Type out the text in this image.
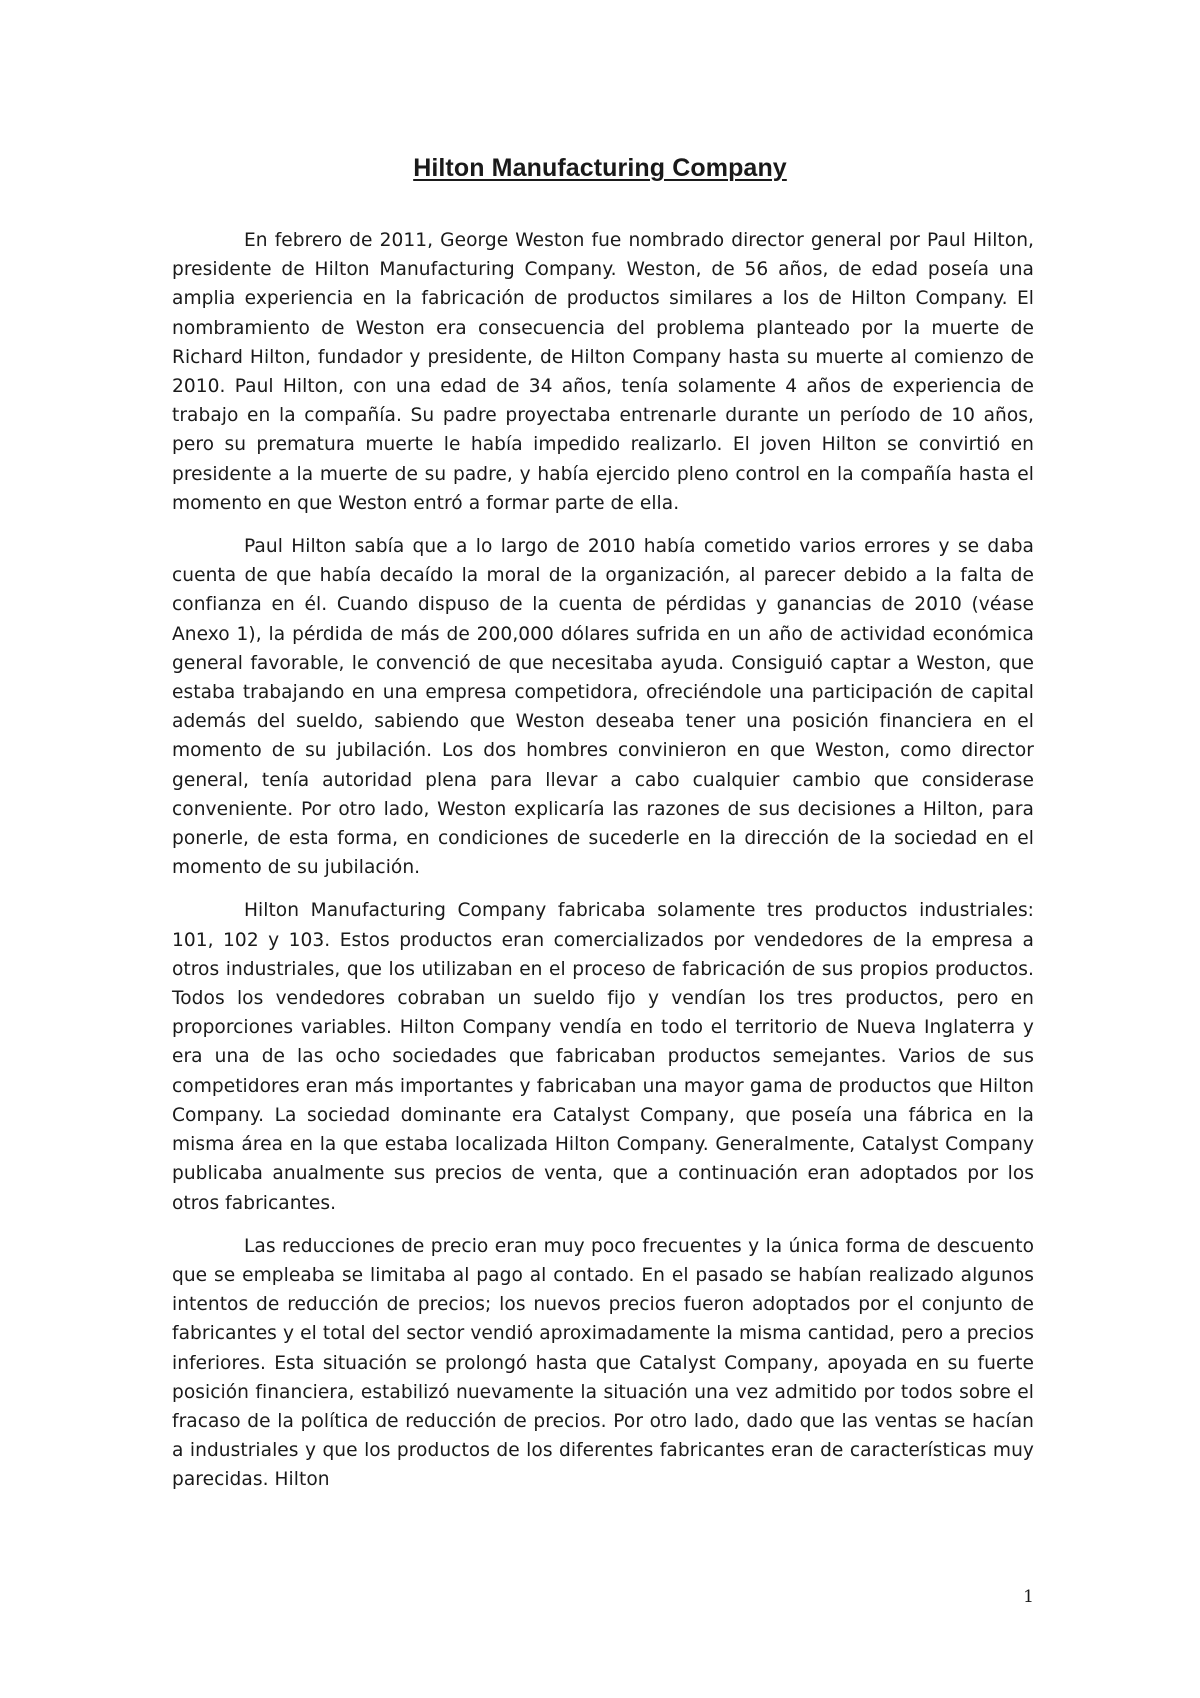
Hilton Manufacturing Company

En febrero de 2011, George Weston fue nombrado director general por Paul Hilton, presidente de Hilton Manufacturing Company. Weston, de 56 años, de edad poseía una amplia experiencia en la fabricación de productos similares a los de Hilton Company. El nombramiento de Weston era consecuencia del problema planteado por la muerte de Richard Hilton, fundador y presidente, de Hilton Company hasta su muerte al comienzo de 2010. Paul Hilton, con una edad de 34 años, tenía solamente 4 años de experiencia de trabajo en la compañía. Su padre proyectaba entrenarle durante un período de 10 años, pero su prematura muerte le había impedido realizarlo. El joven Hilton se convirtió en presidente a la muerte de su padre, y había ejercido pleno control en la compañía hasta el momento en que Weston entró a formar parte de ella.

Paul Hilton sabía que a lo largo de 2010 había cometido varios errores y se daba cuenta de que había decaído la moral de la organización, al parecer debido a la falta de confianza en él. Cuando dispuso de la cuenta de pérdidas y ganancias de 2010 (véase Anexo 1), la pérdida de más de 200,000 dólares sufrida en un año de actividad económica general favorable, le convenció de que necesitaba ayuda. Consiguió captar a Weston, que estaba trabajando en una empresa competidora, ofreciéndole una participación de capital además del sueldo, sabiendo que Weston deseaba tener una posición financiera en el momento de su jubilación. Los dos hombres convinieron en que Weston, como director general, tenía autoridad plena para llevar a cabo cualquier cambio que considerase conveniente. Por otro lado, Weston explicaría las razones de sus decisiones a Hilton, para ponerle, de esta forma, en condiciones de sucederle en la dirección de la sociedad en el momento de su jubilación.

Hilton Manufacturing Company fabricaba solamente tres productos industriales: 101, 102 y 103. Estos productos eran comercializados por vendedores de la empresa a otros industriales, que los utilizaban en el proceso de fabricación de sus propios productos. Todos los vendedores cobraban un sueldo fijo y vendían los tres productos, pero en proporciones variables. Hilton Company vendía en todo el territorio de Nueva Inglaterra y era una de las ocho sociedades que fabricaban productos semejantes. Varios de sus competidores eran más importantes y fabricaban una mayor gama de productos que Hilton Company. La sociedad dominante era Catalyst Company, que poseía una fábrica en la misma área en la que estaba localizada Hilton Company. Generalmente, Catalyst Company publicaba anualmente sus precios de venta, que a continuación eran adoptados por los otros fabricantes.

Las reducciones de precio eran muy poco frecuentes y la única forma de descuento que se empleaba se limitaba al pago al contado. En el pasado se habían realizado algunos intentos de reducción de precios; los nuevos precios fueron adoptados por el conjunto de fabricantes y el total del sector vendió aproximadamente la misma cantidad, pero a precios inferiores. Esta situación se prolongó hasta que Catalyst Company, apoyada en su fuerte posición financiera, estabilizó nuevamente la situación una vez admitido por todos sobre el fracaso de la política de reducción de precios. Por otro lado, dado que las ventas se hacían a industriales y que los productos de los diferentes fabricantes eran de características muy parecidas. Hilton

1
